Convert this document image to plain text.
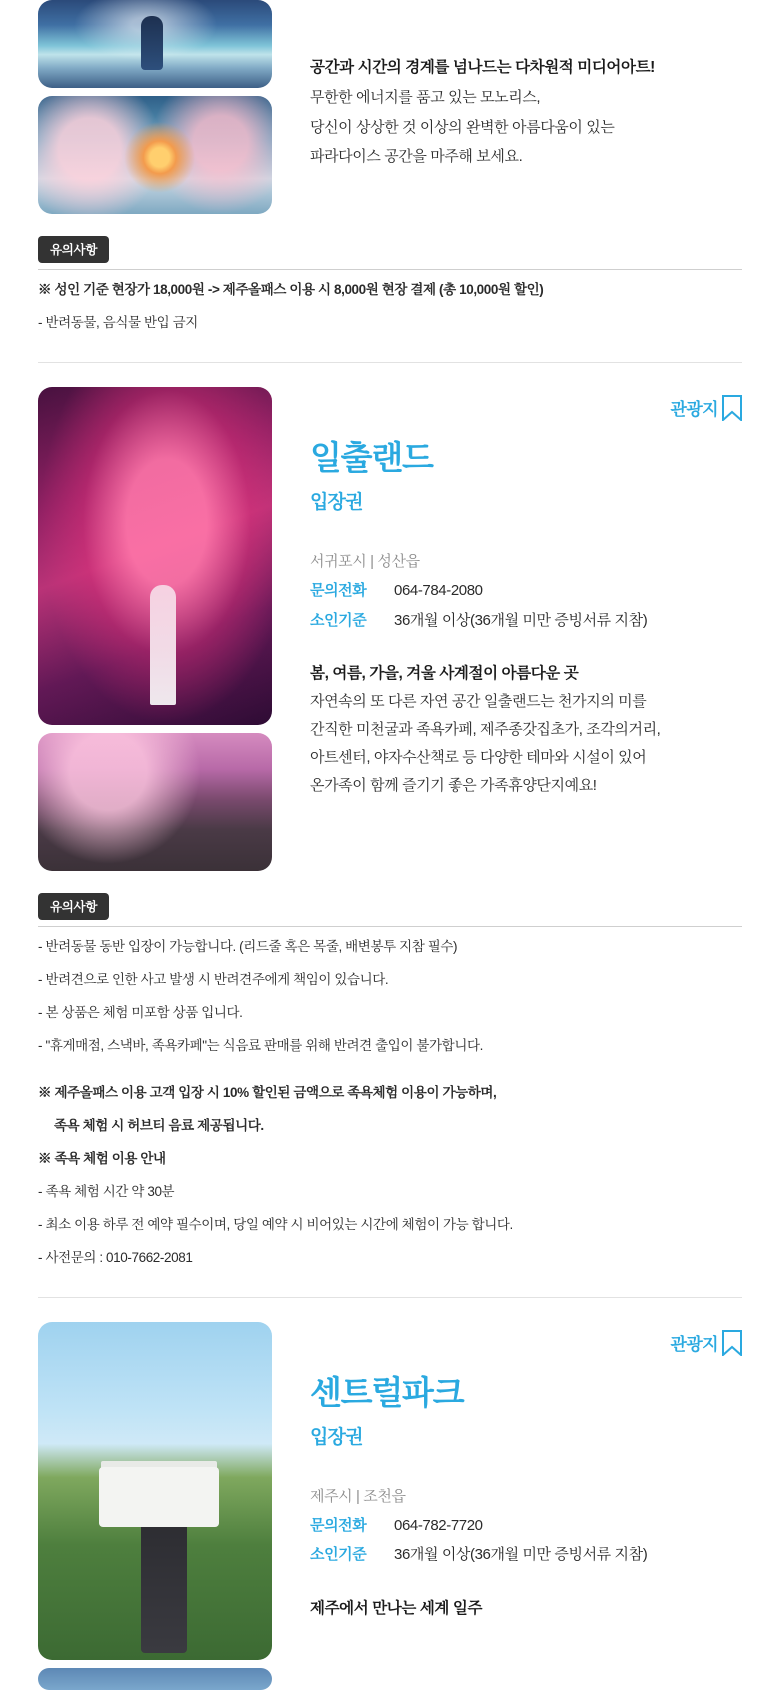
공간과 시간의 경계를 넘나드는 다차원적 미디어아트!
무한한 에너지를 품고 있는 모노리스,
당신이 상상한 것 이상의 완벽한 아름다움이 있는
파라다이스 공간을 마주해 보세요.
유의사항
※ 성인 기준 현장가 18,000원 -> 제주올패스 이용 시 8,000원 현장 결제 (총 10,000원 할인)
- 반려동물, 음식물 반입 금지
관광지
일출랜드
입장권
서귀포시 | 성산읍
문의전화	064-784-2080
소인기준	36개월 이상(36개월 미만 증빙서류 지참)
봄, 여름, 가을, 겨울 사계절이 아름다운 곳
자연속의 또 다른 자연 공간 일출랜드는 천가지의 미를
간직한 미천굴과 족욕카페, 제주종갓집초가, 조각의거리,
아트센터, 야자수산책로 등 다양한 테마와 시설이 있어
온가족이 함께 즐기기 좋은 가족휴양단지예요!
유의사항
- 반려동물 동반 입장이 가능합니다. (리드줄 혹은 목줄, 배변봉투 지참 필수)
- 반려견으로 인한 사고 발생 시 반려견주에게 책임이 있습니다.
- 본 상품은 체험 미포함 상품 입니다.
- "휴게매점, 스낵바, 족욕카페"는 식음료 판매를 위해 반려견 출입이 불가합니다.
※ 제주올패스 이용 고객 입장 시 10% 할인된 금액으로 족욕체험 이용이 가능하며,
족욕 체험 시 허브티 음료 제공됩니다.
※ 족욕 체험 이용 안내
- 족욕 체험 시간 약 30분
- 최소 이용 하루 전 예약 필수이며, 당일 예약 시 비어있는 시간에 체험이 가능 합니다.
- 사전문의 : 010-7662-2081
관광지
센트럴파크
입장권
제주시 | 조천읍
문의전화	064-782-7720
소인기준	36개월 이상(36개월 미만 증빙서류 지참)
제주에서 만나는 세계 일주
